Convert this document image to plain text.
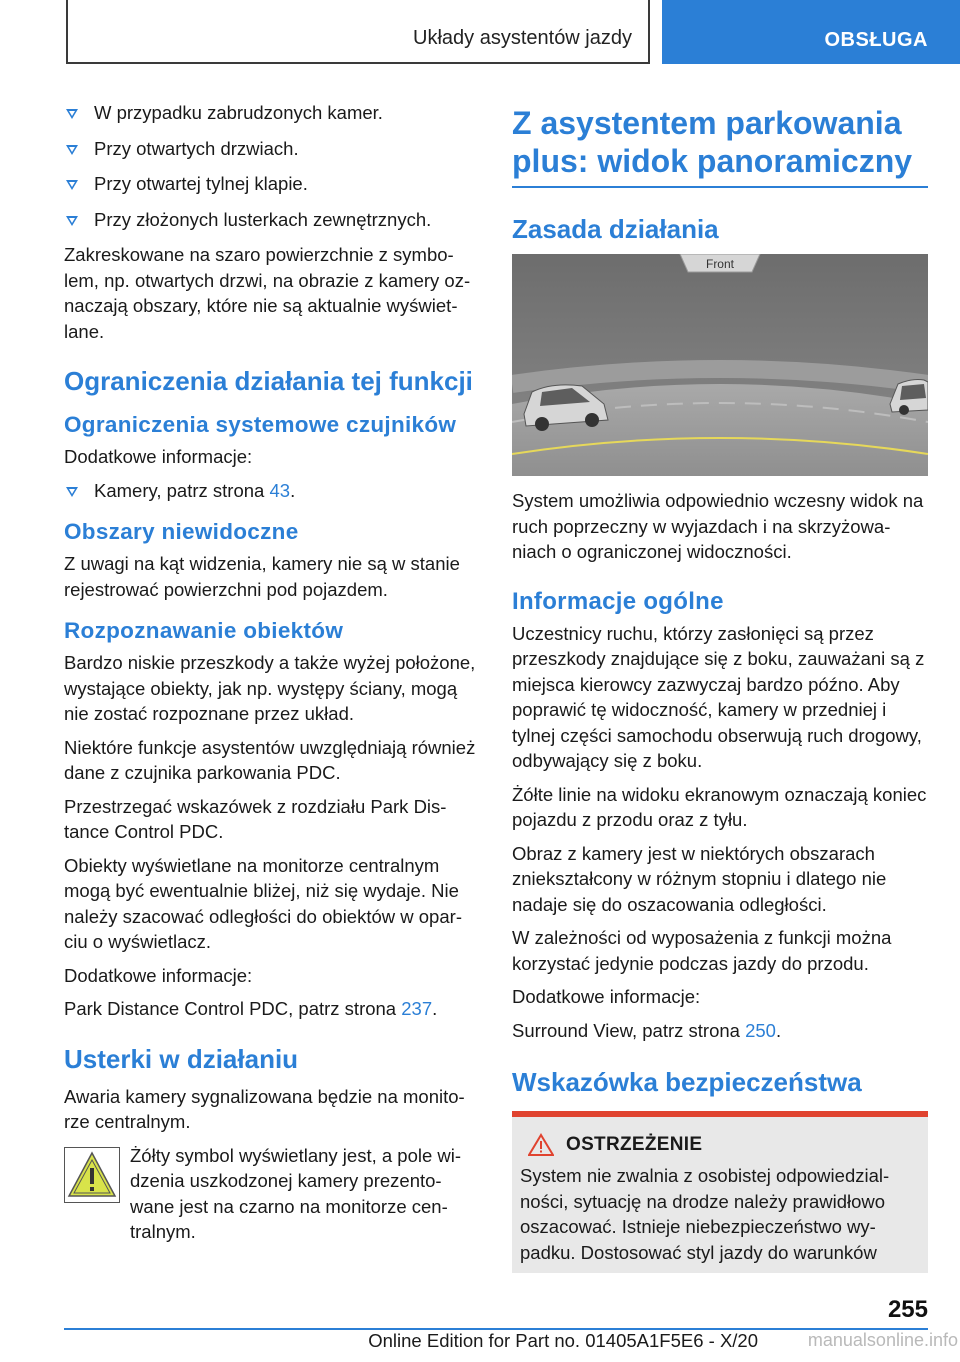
Układy asystentów jazdy	OBSŁUGA
W przypadku zabrudzonych kamer.
Przy otwartych drzwiach.
Przy otwartej tylnej klapie.
Przy złożonych lusterkach zewnętrznych.

Zakreskowane na szaro powierzchnie z symbolem, np. otwartych drzwi, na obrazie z kamery oznaczają obszary, które nie są aktualnie wyświetlane.

Ograniczenia działania tej funkcji
Ograniczenia systemowe czujników

Dodatkowe informacje:

Kamery, patrz strona 43.
Obszary niewidoczne

Z uwagi na kąt widzenia, kamery nie są w stanie rejestrować powierzchni pod pojazdem.

Rozpoznawanie obiektów

Bardzo niskie przeszkody a także wyżej położone, wystające obiekty, jak np. występy ściany, mogą nie zostać rozpoznane przez układ.

Niektóre funkcje asystentów uwzględniają również dane z czujnika parkowania PDC.

Przestrzegać wskazówek z rozdziału Park Distance Control PDC.

Obiekty wyświetlane na monitorze centralnym mogą być ewentualnie bliżej, niż się wydaje. Nie należy szacować odległości do obiektów w oparciu o wyświetlacz.

Dodatkowe informacje:

Park Distance Control PDC, patrz strona 237.

Usterki w działaniu

Awaria kamery sygnalizowana będzie na monitorze centralnym.

Żółty symbol wyświetlany jest, a pole widzenia uszkodzonej kamery prezentowane jest na czarno na monitorze centralnym.

Z asystentem parkowania plus: widok panoramiczny
Zasada działania
Front

System umożliwia odpowiednio wczesny widok na ruch poprzeczny w wyjazdach i na skrzyżowaniach o ograniczonej widoczności.

Informacje ogólne

Uczestnicy ruchu, którzy zasłonięci są przez przeszkody znajdujące się z boku, zauważani są z miejsca kierowcy zazwyczaj bardzo późno. Aby poprawić tę widoczność, kamery w przedniej i tylnej części samochodu obserwują ruch drogowy, odbywający się z boku.

Żółte linie na widoku ekranowym oznaczają koniec pojazdu z przodu oraz z tyłu.

Obraz z kamery jest w niektórych obszarach zniekształcony w różnym stopniu i dlatego nie nadaje się do oszacowania odległości.

W zależności od wyposażenia z funkcji można korzystać jedynie podczas jazdy do przodu.

Dodatkowe informacje:

Surround View, patrz strona 250.

Wskazówka bezpieczeństwa
OSTRZEŻENIE

System nie zwalnia z osobistej odpowiedzialności, sytuację na drodze należy prawidłowo oszacować. Istnieje niebezpieczeństwo wypadku. Dostosować styl jazdy do warunków

255
Online Edition for Part no. 01405A1F5E6 - X/20	manualsonline.info
